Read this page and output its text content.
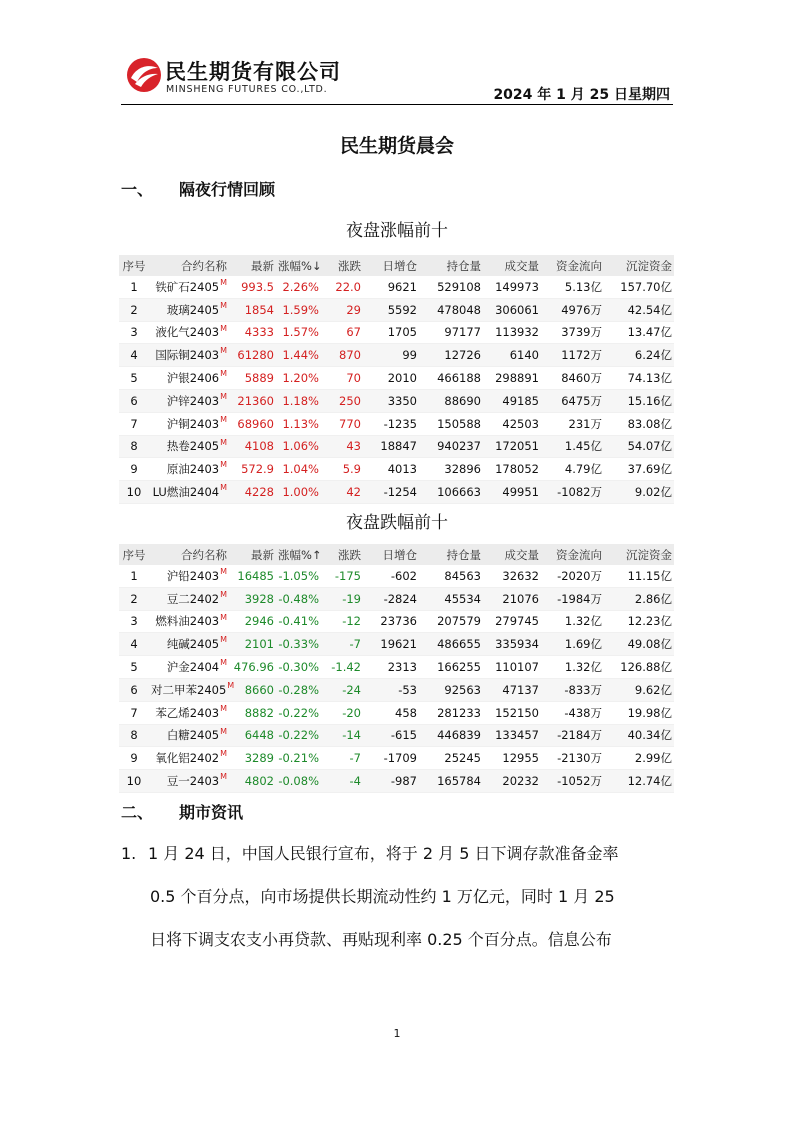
民生期货有限公司
MINSHENG FUTURES CO.,LTD.	2024 年 1 月 25 日星期四
民生期货晨会
一、 隔夜行情回顾
夜盘涨幅前十
序号	合约名称	最新	涨幅%↓	涨跌	日增仓	持仓量	成交量	资金流向	沉淀资金
1	铁矿石$2405^M$	993.5	2.26%	22.0	9621	529108	149973	5.13亿	157.70亿
2	玻璃$2405^M$	1854	1.59%	29	5592	478048	306061	4976万	42.54亿
3	液化气$2403^M$	4333	1.57%	67	1705	97177	113932	3739万	13.47亿
4	国际铜$2403^M$	61280	1.44%	870	99	12726	6140	1172万	6.24亿
5	沪银$2406^M$	5889	1.20%	70	2010	466188	298891	8460万	74.13亿
6	沪锌$2403^M$	21360	1.18%	250	3350	88690	49185	6475万	15.16亿
7	沪铜$2403^M$	68960	1.13%	770	-1235	150588	42503	231万	83.08亿
8	热卷$2405^M$	4108	1.06%	43	18847	940237	172051	1.45亿	54.07亿
9	原油$2403^M$	572.9	1.04%	5.9	4013	32896	178052	4.79亿	37.69亿
10	LU燃油$2404^M$	4228	1.00%	42	-1254	106663	49951	-1082万	9.02亿
夜盘跌幅前十
序号	合约名称	最新	涨幅%↑	涨跌	日增仓	持仓量	成交量	资金流向	沉淀资金
1	沪铅$2403^M$	16485	-1.05%	-175	-602	84563	32632	-2020万	11.15亿
2	豆二$2402^M$	3928	-0.48%	-19	-2824	45534	21076	-1984万	2.86亿
3	燃料油$2403^M$	2946	-0.41%	-12	23736	207579	279745	1.32亿	12.23亿
4	纯碱$2405^M$	2101	-0.33%	-7	19621	486655	335934	1.69亿	49.08亿
5	沪金$2404^M$	476.96	-0.30%	-1.42	2313	166255	110107	1.32亿	126.88亿
6	对二甲苯$2405^M$	8660	-0.28%	-24	-53	92563	47137	-833万	9.62亿
7	苯乙烯$2403^M$	8882	-0.22%	-20	458	281233	152150	-438万	19.98亿
8	白糖$2405^M$	6448	-0.22%	-14	-615	446839	133457	-2184万	40.34亿
9	氧化铝$2402^M$	3289	-0.21%	-7	-1709	25245	12955	-2130万	2.99亿
10	豆一$2403^M$	4802	-0.08%	-4	-987	165784	20232	-1052万	12.74亿
二、 期市资讯
1. 1 月 24 日，中国人民银行宣布，将于 2 月 5 日下调存款准备金率
0.5 个百分点，向市场提供长期流动性约 1 万亿元，同时 1 月 25
日将下调支农支小再贷款、再贴现利率 0.25 个百分点。信息公布
1
